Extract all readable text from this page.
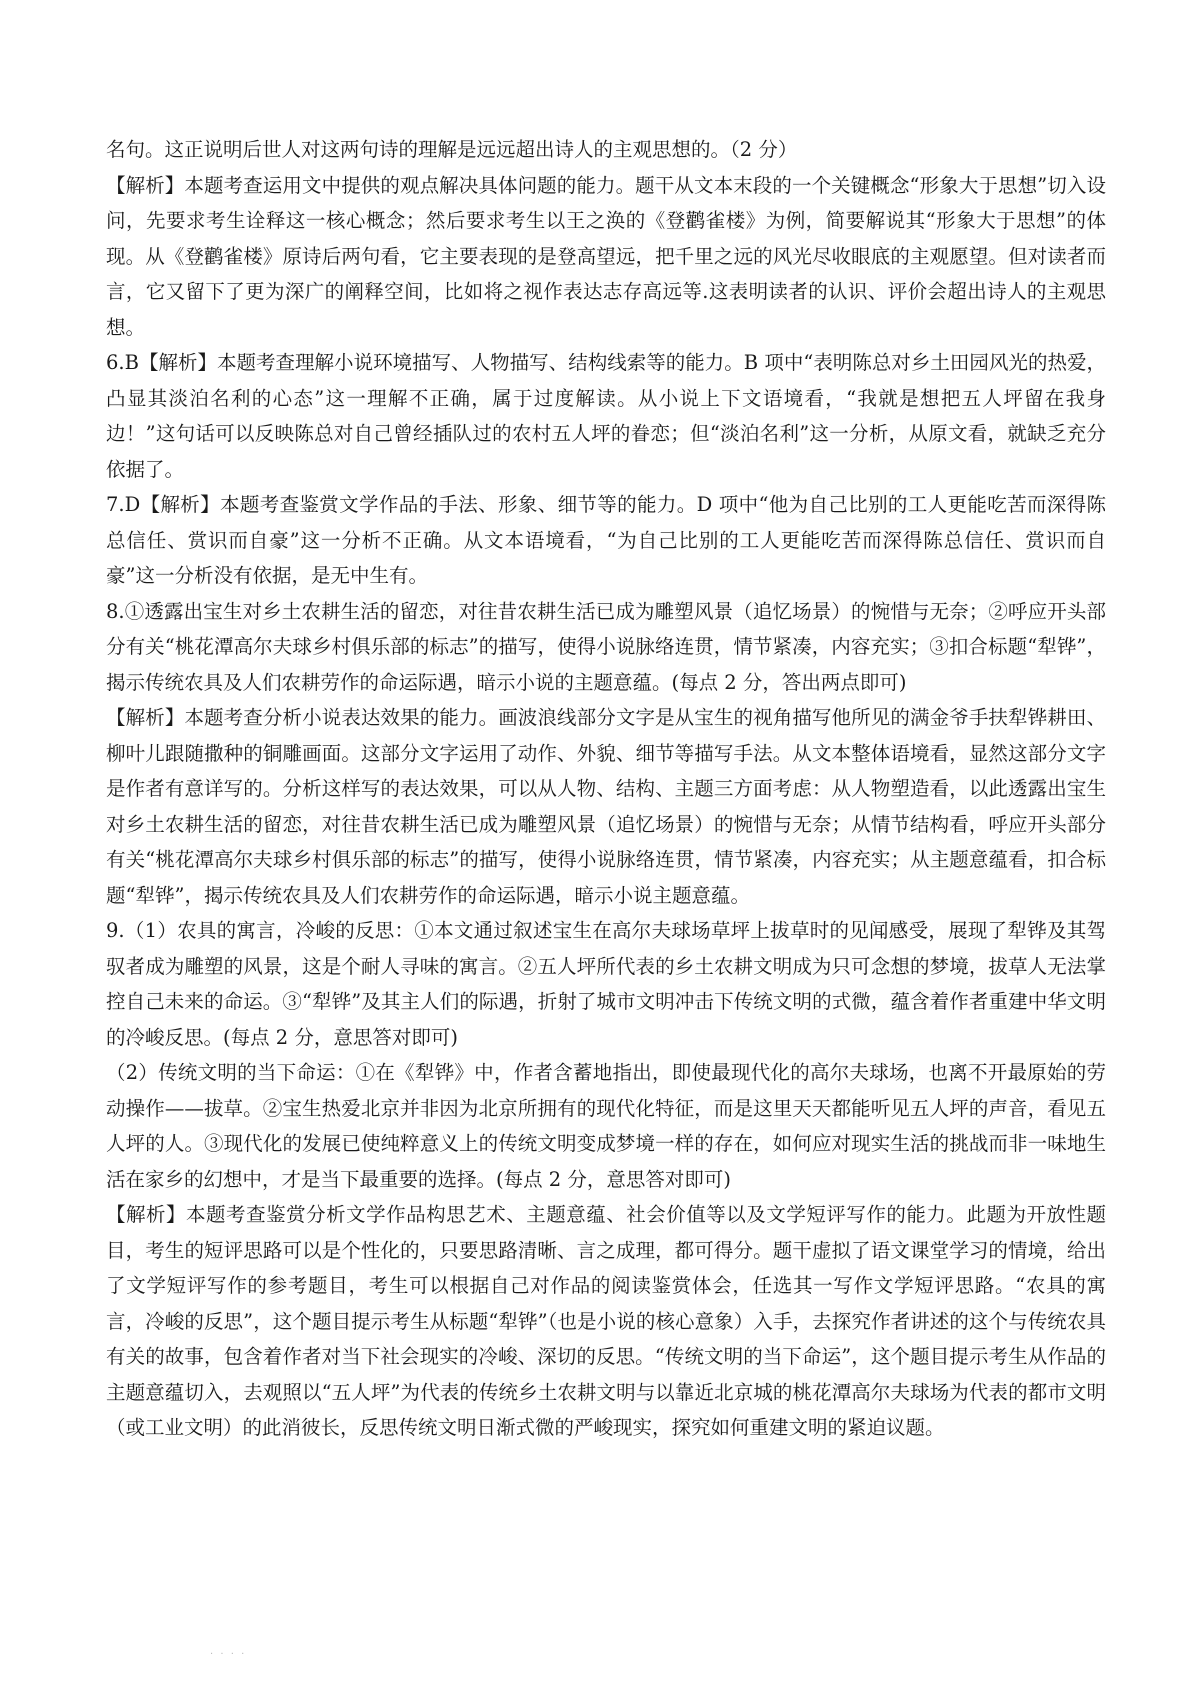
名句。这正说明后世人对这两句诗的理解是远远超出诗人的主观思想的。（2 分）

【解析】本题考查运用文中提供的观点解决具体问题的能力。题干从文本末段的一个关键概念“形象大于思想”切入设问，先要求考生诠释这一核心概念；然后要求考生以王之涣的《登鹳雀楼》为例，简要解说其“形象大于思想”的体现。从《登鹳雀楼》原诗后两句看，它主要表现的是登高望远，把千里之远的风光尽收眼底的主观愿望。但对读者而言，它又留下了更为深广的阐释空间，比如将之视作表达志存高远等.这表明读者的认识、评价会超出诗人的主观思想。

6.B【解析】本题考查理解小说环境描写、人物描写、结构线索等的能力。B 项中“表明陈总对乡土田园风光的热爱，凸显其淡泊名利的心态”这一理解不正确，属于过度解读。从小说上下文语境看，“我就是想把五人坪留在我身边！”这句话可以反映陈总对自己曾经插队过的农村五人坪的眷恋；但“淡泊名利”这一分析，从原文看，就缺乏充分依据了。

7.D【解析】本题考查鉴赏文学作品的手法、形象、细节等的能力。D 项中“他为自己比别的工人更能吃苦而深得陈总信任、赏识而自豪”这一分析不正确。从文本语境看，“为自己比别的工人更能吃苦而深得陈总信任、赏识而自豪”这一分析没有依据，是无中生有。

8.①透露出宝生对乡土农耕生活的留恋，对往昔农耕生活已成为雕塑风景（追忆场景）的惋惜与无奈；②呼应开头部分有关“桃花潭高尔夫球乡村俱乐部的标志”的描写，使得小说脉络连贯，情节紧凑，内容充实；③扣合标题“犁铧”，揭示传统农具及人们农耕劳作的命运际遇，暗示小说的主题意蕴。(每点 2 分，答出两点即可)

【解析】本题考查分析小说表达效果的能力。画波浪线部分文字是从宝生的视角描写他所见的满金爷手扶犁铧耕田、柳叶儿跟随撒种的铜雕画面。这部分文字运用了动作、外貌、细节等描写手法。从文本整体语境看，显然这部分文字是作者有意详写的。分析这样写的表达效果，可以从人物、结构、主题三方面考虑：从人物塑造看，以此透露出宝生对乡土农耕生活的留恋，对往昔农耕生活已成为雕塑风景（追忆场景）的惋惜与无奈；从情节结构看，呼应开头部分有关“桃花潭高尔夫球乡村俱乐部的标志”的描写，使得小说脉络连贯，情节紧凑，内容充实；从主题意蕴看，扣合标题“犁铧”，揭示传统农具及人们农耕劳作的命运际遇，暗示小说主题意蕴。

9.（1）农具的寓言，冷峻的反思：①本文通过叙述宝生在高尔夫球场草坪上拔草时的见闻感受，展现了犁铧及其驾驭者成为雕塑的风景，这是个耐人寻味的寓言。②五人坪所代表的乡土农耕文明成为只可念想的梦境，拔草人无法掌控自己未来的命运。③“犁铧”及其主人们的际遇，折射了城市文明冲击下传统文明的式微，蕴含着作者重建中华文明的冷峻反思。(每点 2 分，意思答对即可)

（2）传统文明的当下命运：①在《犁铧》中，作者含蓄地指出，即使最现代化的高尔夫球场，也离不开最原始的劳动操作——拔草。②宝生热爱北京并非因为北京所拥有的现代化特征，而是这里天天都能听见五人坪的声音，看见五人坪的人。③现代化的发展已使纯粹意义上的传统文明变成梦境一样的存在，如何应对现实生活的挑战而非一味地生活在家乡的幻想中，才是当下最重要的选择。(每点 2 分，意思答对即可)

【解析】本题考查鉴赏分析文学作品构思艺术、主题意蕴、社会价值等以及文学短评写作的能力。此题为开放性题目，考生的短评思路可以是个性化的，只要思路清晰、言之成理，都可得分。题干虚拟了语文课堂学习的情境，给出了文学短评写作的参考题目，考生可以根据自己对作品的阅读鉴赏体会，任选其一写作文学短评思路。“农具的寓言，冷峻的反思”，这个题目提示考生从标题“犁铧”（也是小说的核心意象）入手，去探究作者讲述的这个与传统农具有关的故事，包含着作者对当下社会现实的冷峻、深切的反思。“传统文明的当下命运”，这个题目提示考生从作品的主题意蕴切入，去观照以“五人坪”为代表的传统乡土农耕文明与以靠近北京城的桃花潭高尔夫球场为代表的都市文明（或工业文明）的此消彼长，反思传统文明日渐式微的严峻现实，探究如何重建文明的紧迫议题。

· · · ·
